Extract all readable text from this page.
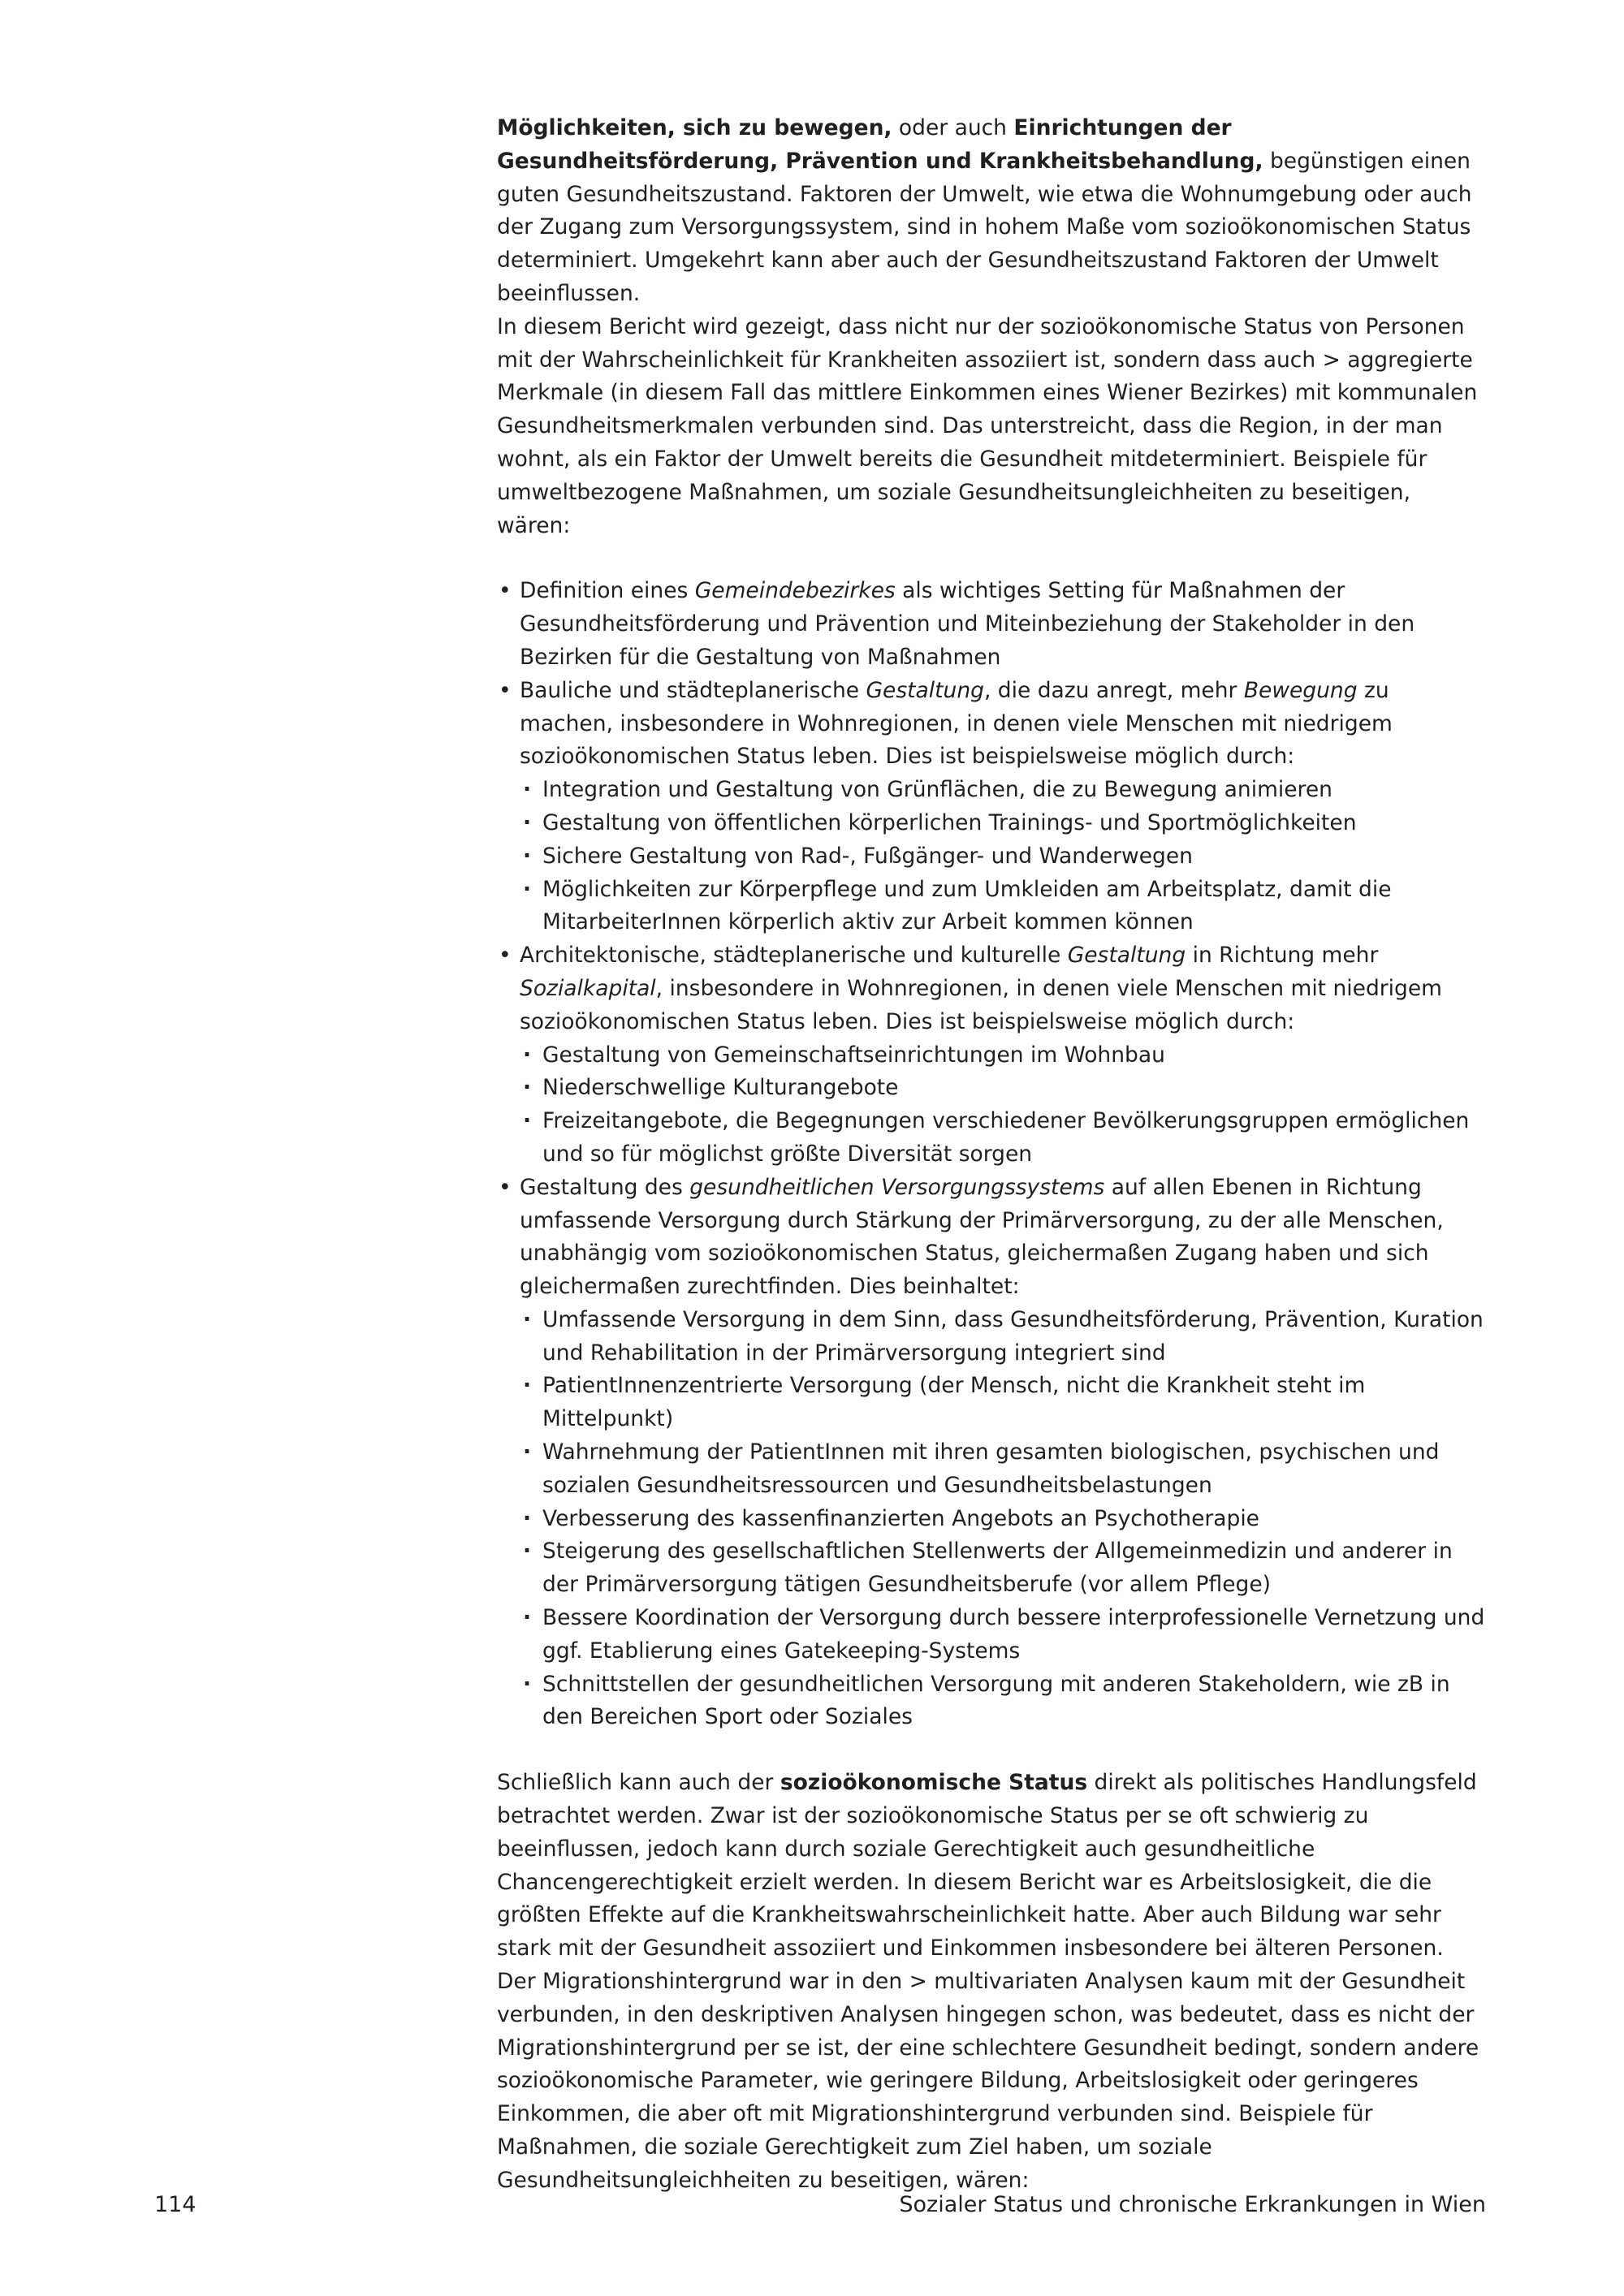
Möglichkeiten, sich zu bewegen, oder auch Einrichtungen der Gesundheitsförderung, Prävention und Krankheitsbehandlung, begünstigen einen guten Gesundheitszustand. Faktoren der Umwelt, wie etwa die Wohnumgebung oder auch der Zugang zum Versorgungssystem, sind in hohem Maße vom sozioökonomischen Status determiniert. Umgekehrt kann aber auch der Gesundheitszustand Faktoren der Umwelt beeinflussen.

In diesem Bericht wird gezeigt, dass nicht nur der sozioökonomische Status von Personen mit der Wahrscheinlichkeit für Krankheiten assoziiert ist, sondern dass auch > aggregierte Merkmale (in diesem Fall das mittlere Einkommen eines Wiener Bezirkes) mit kommunalen Gesundheitsmerkmalen verbunden sind. Das unterstreicht, dass die Region, in der man wohnt, als ein Faktor der Umwelt bereits die Gesundheit mitdeterminiert. Beispiele für umweltbezogene Maßnahmen, um soziale Gesundheitsungleichheiten zu beseitigen, wären:

• Definition eines Gemeindebezirkes als wichtiges Setting für Maßnahmen der Gesundheitsförderung und Prävention und Miteinbeziehung der Stakeholder in den Bezirken für die Gestaltung von Maßnahmen
• Bauliche und städteplanerische Gestaltung, die dazu anregt, mehr Bewegung zu machen, insbesondere in Wohnregionen, in denen viele Menschen mit niedrigem sozioökonomischen Status leben. Dies ist beispielsweise möglich durch:
· Integration und Gestaltung von Grünflächen, die zu Bewegung animieren
· Gestaltung von öffentlichen körperlichen Trainings- und Sportmöglichkeiten
· Sichere Gestaltung von Rad-, Fußgänger- und Wanderwegen
· Möglichkeiten zur Körperpflege und zum Umkleiden am Arbeitsplatz, damit die MitarbeiterInnen körperlich aktiv zur Arbeit kommen können
• Architektonische, städteplanerische und kulturelle Gestaltung in Richtung mehr Sozialkapital, insbesondere in Wohnregionen, in denen viele Menschen mit niedrigem sozioökonomischen Status leben. Dies ist beispielsweise möglich durch:
· Gestaltung von Gemeinschaftseinrichtungen im Wohnbau
· Niederschwellige Kulturangebote
· Freizeitangebote, die Begegnungen verschiedener Bevölkerungsgruppen ermöglichen und so für möglichst größte Diversität sorgen
• Gestaltung des gesundheitlichen Versorgungssystems auf allen Ebenen in Richtung umfassende Versorgung durch Stärkung der Primärversorgung, zu der alle Menschen, unabhängig vom sozioökonomischen Status, gleichermaßen Zugang haben und sich gleichermaßen zurechtfinden. Dies beinhaltet:
· Umfassende Versorgung in dem Sinn, dass Gesundheitsförderung, Prävention, Kuration und Rehabilitation in der Primärversorgung integriert sind
· PatientInnenzentrierte Versorgung (der Mensch, nicht die Krankheit steht im Mittelpunkt)
· Wahrnehmung der PatientInnen mit ihren gesamten biologischen, psychischen und sozialen Gesundheitsressourcen und Gesundheitsbelastungen
· Verbesserung des kassenfinanzierten Angebots an Psychotherapie
· Steigerung des gesellschaftlichen Stellenwerts der Allgemeinmedizin und anderer in der Primärversorgung tätigen Gesundheitsberufe (vor allem Pflege)
· Bessere Koordination der Versorgung durch bessere interprofessionelle Vernetzung und ggf. Etablierung eines Gatekeeping-Systems
· Schnittstellen der gesundheitlichen Versorgung mit anderen Stakeholdern, wie zB in den Bereichen Sport oder Soziales

Schließlich kann auch der sozioökonomische Status direkt als politisches Handlungsfeld betrachtet werden. Zwar ist der sozioökonomische Status per se oft schwierig zu beeinflussen, jedoch kann durch soziale Gerechtigkeit auch gesundheitliche Chancengerechtigkeit erzielt werden. In diesem Bericht war es Arbeitslosigkeit, die die größten Effekte auf die Krankheitswahrscheinlichkeit hatte. Aber auch Bildung war sehr stark mit der Gesundheit assoziiert und Einkommen insbesondere bei älteren Personen. Der Migrationshintergrund war in den > multivariaten Analysen kaum mit der Gesundheit verbunden, in den deskriptiven Analysen hingegen schon, was bedeutet, dass es nicht der Migrationshintergrund per se ist, der eine schlechtere Gesundheit bedingt, sondern andere sozioökonomische Parameter, wie geringere Bildung, Arbeitslosigkeit oder geringeres Einkommen, die aber oft mit Migrationshintergrund verbunden sind. Beispiele für Maßnahmen, die soziale Gerechtigkeit zum Ziel haben, um soziale Gesundheitsungleichheiten zu beseitigen, wären:

114	Sozialer Status und chronische Erkrankungen in Wien
